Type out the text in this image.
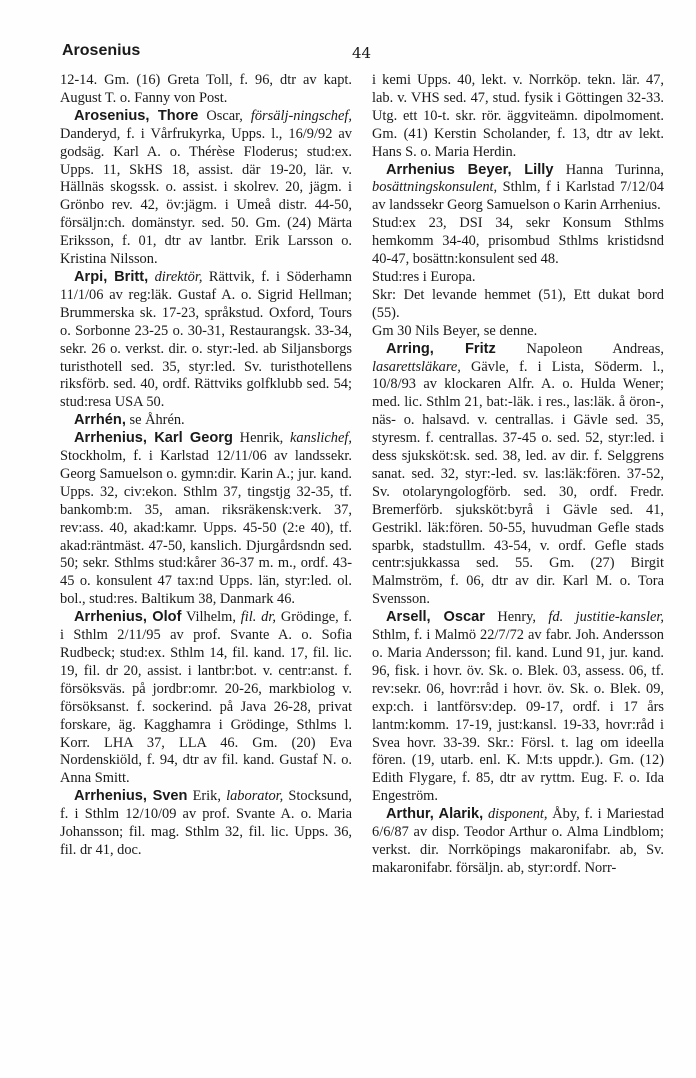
Arosenius	44

12-14. Gm. (16) Greta Toll, f. 96, dtr av kapt. August T. o. Fanny von Post.

Arosenius, Thore Oscar, försälj-ningschef, Danderyd, f. i Vårfrukyrka, Upps. l., 16/9/92 av godsäg. Karl A. o. Thérèse Floderus; stud:ex. Upps. 11, SkHS 18, assist. där 19-20, lär. v. Hällnäs skogssk. o. assist. i skolrev. 20, jägm. i Grönbo rev. 42, öv:jägm. i Umeå distr. 44-50, försäljn:ch. domänstyr. sed. 50. Gm. (24) Märta Eriksson, f. 01, dtr av lantbr. Erik Larsson o. Kristina Nilsson.

Arpi, Britt, direktör, Rättvik, f. i Söderhamn 11/1/06 av reg:läk. Gustaf A. o. Sigrid Hellman; Brummerska sk. 17-23, språkstud. Oxford, Tours o. Sorbonne 23-25 o. 30-31, Restaurangsk. 33-34, sekr. 26 o. verkst. dir. o. styr:-led. ab Siljansborgs turisthotell sed. 35, styr:led. Sv. turisthotellens riksförb. sed. 40, ordf. Rättviks golfklubb sed. 54; stud:resa USA 50.

Arrhén, se Åhrén.

Arrhenius, Karl Georg Henrik, kanslichef, Stockholm, f. i Karlstad 12/11/06 av landssekr. Georg Samuelson o. gymn:dir. Karin A.; jur. kand. Upps. 32, civ:ekon. Sthlm 37, tingstjg 32-35, tf. bankomb:m. 35, aman. riksräkensk:verk. 37, rev:ass. 40, akad:kamr. Upps. 45-50 (2:e 40), tf. akad:räntmäst. 47-50, kanslich. Djurgårdsndn sed. 50; sekr. Sthlms stud:kårer 36-37 m. m., ordf. 43-45 o. konsulent 47 tax:nd Upps. län, styr:led. ol. bol., stud:res. Baltikum 38, Danmark 46.

Arrhenius, Olof Vilhelm, fil. dr, Grödinge, f. i Sthlm 2/11/95 av prof. Svante A. o. Sofia Rudbeck; stud:ex. Sthlm 14, fil. kand. 17, fil. lic. 19, fil. dr 20, assist. i lantbr:bot. v. centr:anst. f. försöksväs. på jordbr:omr. 20-26, markbiolog v. försöksanst. f. sockerind. på Java 26-28, privat forskare, äg. Kagghamra i Grödinge, Sthlms l. Korr. LHA 37, LLA 46. Gm. (20) Eva Nordenskiöld, f. 94, dtr av fil. kand. Gustaf N. o. Anna Smitt.

Arrhenius, Sven Erik, laborator, Stocksund, f. i Sthlm 12/10/09 av prof. Svante A. o. Maria Johansson; fil. mag. Sthlm 32, fil. lic. Upps. 36, fil. dr 41, doc.

i kemi Upps. 40, lekt. v. Norrköp. tekn. lär. 47, lab. v. VHS sed. 47, stud. fysik i Göttingen 32-33. Utg. ett 10-t. skr. rör. äggviteämn. dipolmoment. Gm. (41) Kerstin Scholander, f. 13, dtr av lekt. Hans S. o. Maria Herdin.

Arrhenius Beyer, Lilly Hanna Turinna, bosättningskonsulent, Sthlm, f i Karlstad 7/12/04 av landssekr Georg Samuelson o Karin Arrhenius.

Stud:ex 23, DSI 34, sekr Konsum Sthlms hemkomm 34-40, prisombud Sthlms kristidsnd 40-47, bosättn:konsulent sed 48.

Stud:res i Europa.

Skr: Det levande hemmet (51), Ett dukat bord (55).

Gm 30 Nils Beyer, se denne.

Arring, Fritz Napoleon Andreas, lasarettsläkare, Gävle, f. i Lista, Söderm. l., 10/8/93 av klockaren Alfr. A. o. Hulda Wener; med. lic. Sthlm 21, bat:-läk. i res., las:läk. å öron-, näs- o. halsavd. v. centrallas. i Gävle sed. 35, styresm. f. centrallas. 37-45 o. sed. 52, styr:led. i dess sjuksköt:sk. sed. 38, led. av dir. f. Selggrens sanat. sed. 32, styr:-led. sv. las:läk:fören. 37-52, Sv. otolaryngologförb. sed. 30, ordf. Fredr. Bremerförb. sjuksköt:byrå i Gävle sed. 41, Gestrikl. läk:fören. 50-55, huvudman Gefle stads sparbk, stadstullm. 43-54, v. ordf. Gefle stads centr:sjukkassa sed. 55. Gm. (27) Birgit Malmström, f. 06, dtr av dir. Karl M. o. Tora Svensson.

Arsell, Oscar Henry, fd. justitie-kansler, Sthlm, f. i Malmö 22/7/72 av fabr. Joh. Andersson o. Maria Andersson; fil. kand. Lund 91, jur. kand. 96, fisk. i hovr. öv. Sk. o. Blek. 03, assess. 06, tf. rev:sekr. 06, hovr:råd i hovr. öv. Sk. o. Blek. 09, exp:ch. i lantförsv:dep. 09-17, ordf. i 17 års lantm:komm. 17-19, just:kansl. 19-33, hovr:råd i Svea hovr. 33-39. Skr.: Försl. t. lag om ideella fören. (19, utarb. enl. K. M:ts uppdr.). Gm. (12) Edith Flygare, f. 85, dtr av ryttm. Eug. F. o. Ida Engeström.

Arthur, Alarik, disponent, Åby, f. i Mariestad 6/6/87 av disp. Teodor Arthur o. Alma Lindblom; verkst. dir. Norrköpings makaronifabr. ab, Sv. makaronifabr. försäljn. ab, styr:ordf. Norr-
